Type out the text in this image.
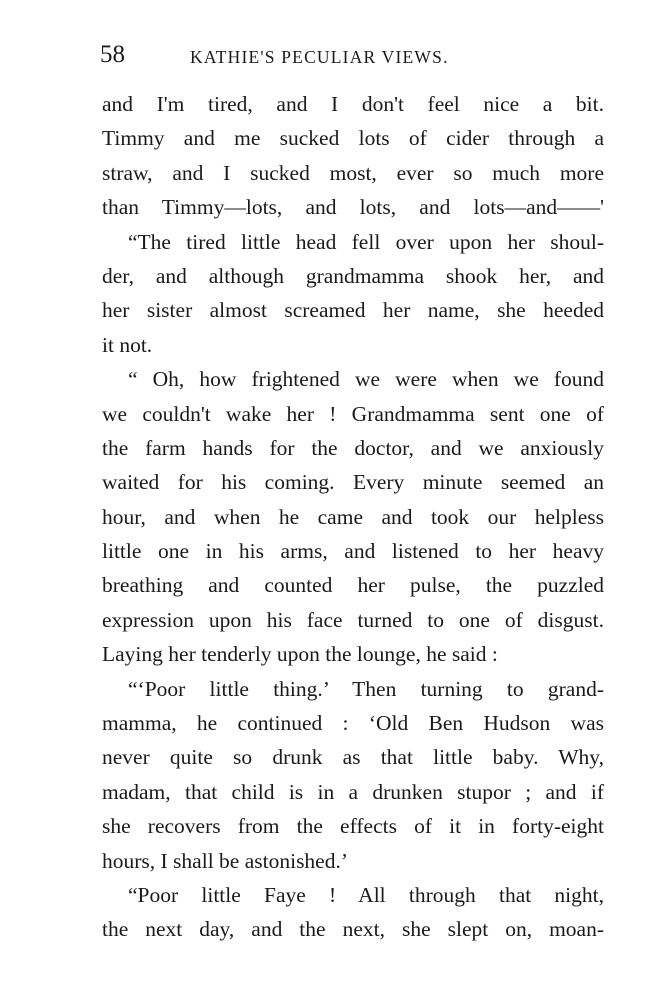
58	KATHIE'S PECULIAR VIEWS.
and I'm tired, and I don't feel nice a bit.
Timmy and me sucked lots of cider through a
straw, and I sucked most, ever so much more
than Timmy—lots, and lots, and lots—and——'
“The tired little head fell over upon her shoul-
der, and although grandmamma shook her, and
her sister almost screamed her name, she heeded
it not.
“ Oh, how frightened we were when we found
we couldn't wake her ! Grandmamma sent one of
the farm hands for the doctor, and we anxiously
waited for his coming. Every minute seemed an
hour, and when he came and took our helpless
little one in his arms, and listened to her heavy
breathing and counted her pulse, the puzzled
expression upon his face turned to one of disgust.
Laying her tenderly upon the lounge, he said :
“‘Poor little thing.’ Then turning to grand-
mamma, he continued : ‘Old Ben Hudson was
never quite so drunk as that little baby. Why,
madam, that child is in a drunken stupor ; and if
she recovers from the effects of it in forty-eight
hours, I shall be astonished.’
“Poor little Faye ! All through that night,
the next day, and the next, she slept on, moan-
